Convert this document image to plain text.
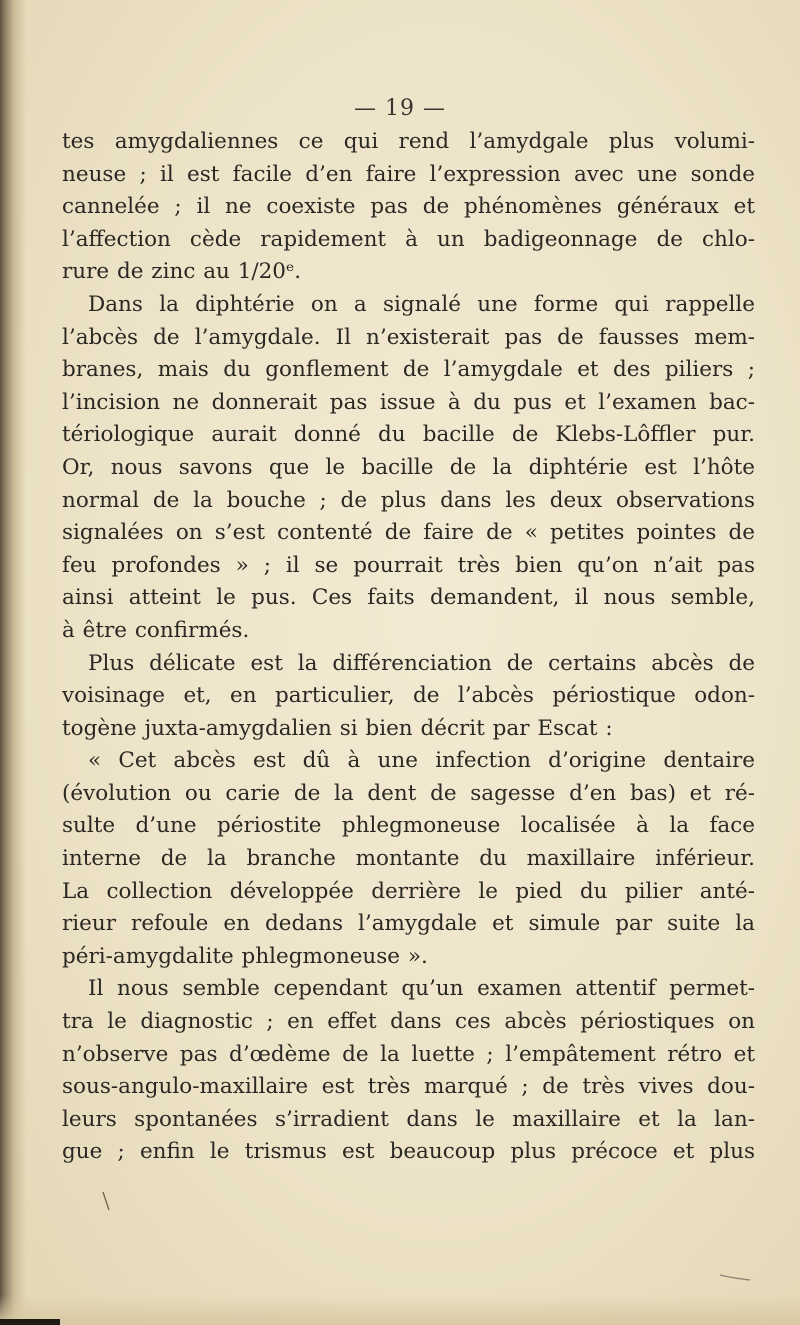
— 19 —
tes amygdaliennes ce qui rend l’amydgale plus volumi-
neuse ; il est facile d’en faire l’expression avec une sonde
cannelée ; il ne coexiste pas de phénomènes généraux et
l’affection cède rapidement à un badigeonnage de chlo-
rure de zinc au 1/20ᵉ.
Dans la diphtérie on a signalé une forme qui rappelle
l’abcès de l’amygdale. Il n’existerait pas de fausses mem-
branes, mais du gonflement de l’amygdale et des piliers ;
l’incision ne donnerait pas issue à du pus et l’examen bac-
tériologique aurait donné du bacille de Klebs-Lôffler pur.
Or, nous savons que le bacille de la diphtérie est l’hôte
normal de la bouche ; de plus dans les deux observations
signalées on s’est contenté de faire de « petites pointes de
feu profondes » ; il se pourrait très bien qu’on n’ait pas
ainsi atteint le pus. Ces faits demandent, il nous semble,
à être confirmés.
Plus délicate est la différenciation de certains abcès de
voisinage et, en particulier, de l’abcès périostique odon-
togène juxta-amygdalien si bien décrit par Escat :
« Cet abcès est dû à une infection d’origine dentaire
(évolution ou carie de la dent de sagesse d’en bas) et ré-
sulte d’une périostite phlegmoneuse localisée à la face
interne de la branche montante du maxillaire inférieur.
La collection développée derrière le pied du pilier anté-
rieur refoule en dedans l’amygdale et simule par suite la
péri-amygdalite phlegmoneuse ».
Il nous semble cependant qu’un examen attentif permet-
tra le diagnostic ; en effet dans ces abcès périostiques on
n’observe pas d’œdème de la luette ; l’empâtement rétro et
sous-angulo-maxillaire est très marqué ; de très vives dou-
leurs spontanées s’irradient dans le maxillaire et la lan-
gue ; enfin le trismus est beaucoup plus précoce et plus
